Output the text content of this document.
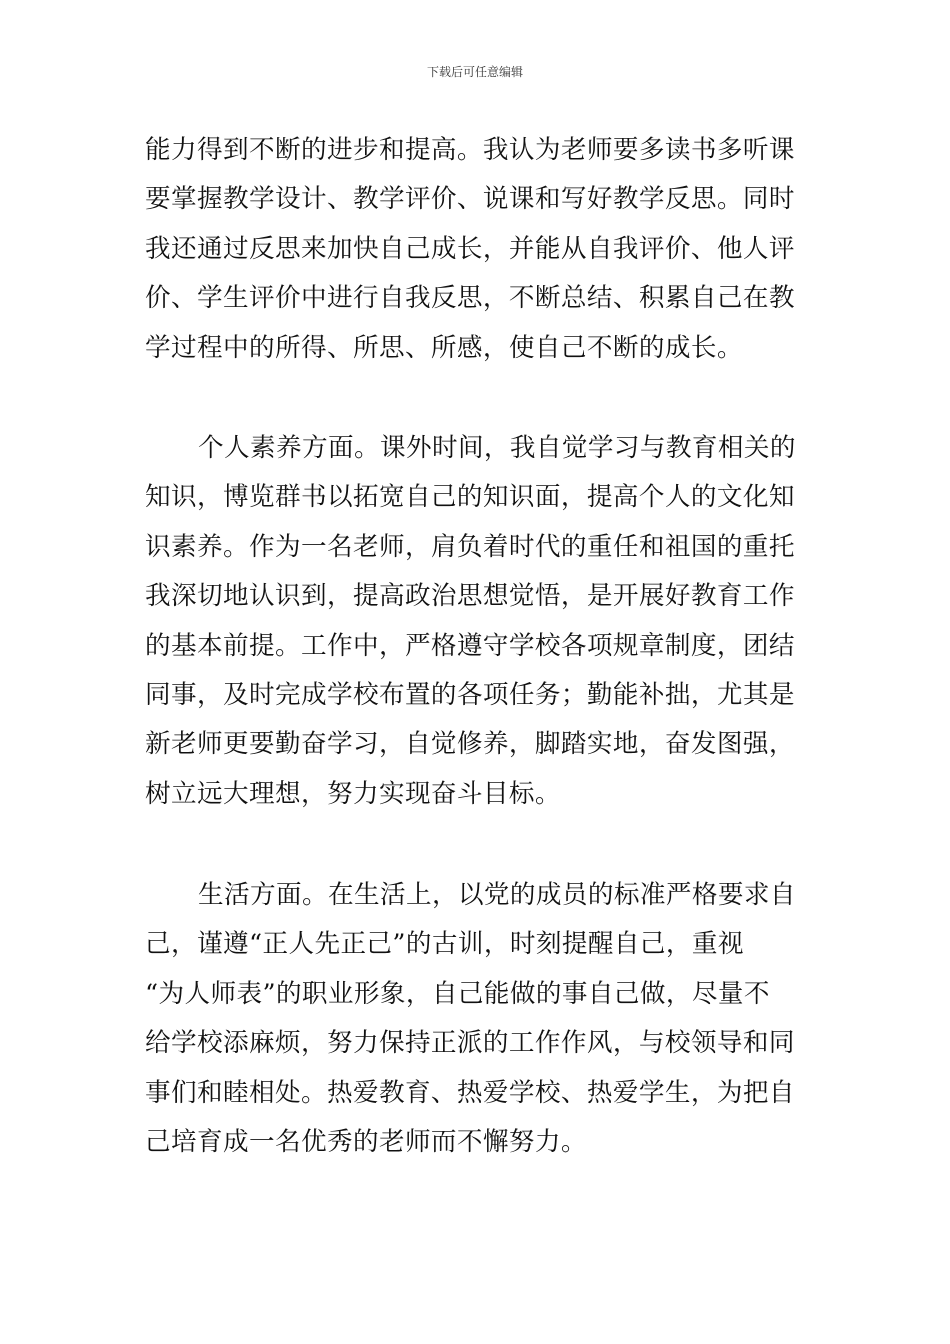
下载后可任意编辑
能力得到不断的进步和提高。我认为老师要多读书多听课
要掌握教学设计、教学评价、说课和写好教学反思。同时
我还通过反思来加快自己成长，并能从自我评价、他人评
价、学生评价中进行自我反思，不断总结、积累自己在教
学过程中的所得、所思、所感，使自己不断的成长。
个人素养方面。课外时间，我自觉学习与教育相关的
知识，博览群书以拓宽自己的知识面，提高个人的文化知
识素养。作为一名老师，肩负着时代的重任和祖国的重托
我深切地认识到，提高政治思想觉悟，是开展好教育工作
的基本前提。工作中，严格遵守学校各项规章制度，团结
同事，及时完成学校布置的各项任务；勤能补拙，尤其是
新老师更要勤奋学习，自觉修养，脚踏实地，奋发图强，
树立远大理想，努力实现奋斗目标。
生活方面。在生活上，以党的成员的标准严格要求自
己，谨遵“正人先正己”的古训，时刻提醒自己，重视
“为人师表”的职业形象，自己能做的事自己做，尽量不
给学校添麻烦，努力保持正派的工作作风，与校领导和同
事们和睦相处。热爱教育、热爱学校、热爱学生，为把自
己培育成一名优秀的老师而不懈努力。
